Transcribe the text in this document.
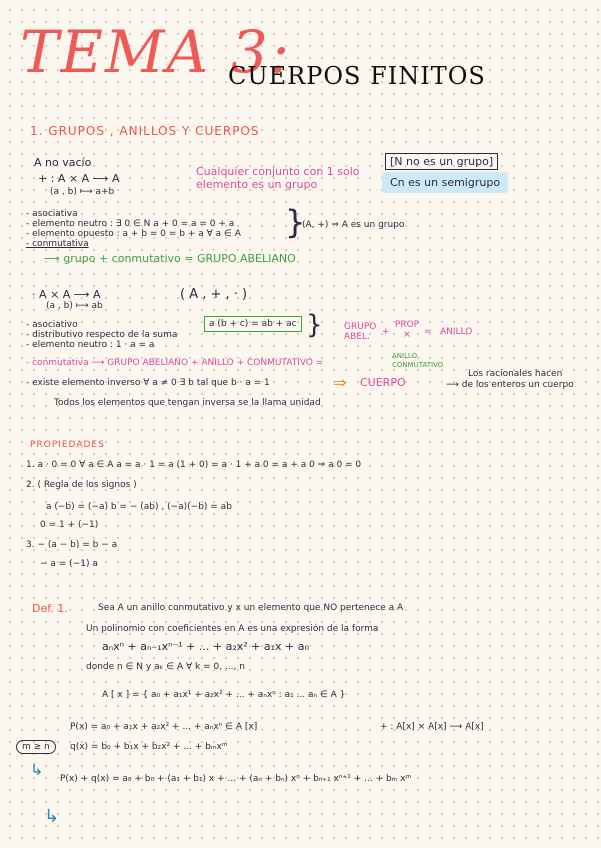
TEMA 3:
CUERPOS FINITOS
1. GRUPOS , ANILLOS Y CUERPOS
A no vacío
+ : A × A ⟶ A
(a , b) ⟼ a+b
Cualquier conjunto con 1 solo
elemento es un grupo
[N no es un grupo]
Cn es un semigrupo
- asociativa
- elemento neutro : ∃ 0 ∈ N a + 0 = a = 0 + a
- elemento opuesto : a + b = 0 = b + a ∀ a ∈ A
- conmutativa
}
(A, +) ⇒ A es un grupo
⟶ grupo + conmutativo = GRUPO ABELIANO
· A × A ⟶ A
(a , b) ⟼ ab
( A , + , · )
- asociativo
- distributivo respecto de la suma
- elemento neutro : 1 · a = a
a (b + c) = ab + ac } GRUPO ABEL.	+
PROP ×	= ANILLO
- conmutativa ⟶ GRUPO ABELIANO + ANILLO + CONMUTATIVO =
ANILLO CONMUTATIVO
- existe elemento inverso ∀ a ≠ 0 ∃ b tal que b · a = 1	⇒ CUERPO
Los racionales hacen
⟶ de los enteros un cuerpo
Todos los elementos que tengan inversa se la llama unidad
PROPIEDADES
1. a · 0 = 0 ∀ a ∈ A a = a · 1 = a (1 + 0) = a · 1 + a 0 = a + a 0 ⇒ a 0 = 0
2. ( Regla de los signos )
a (−b) = (−a) b = − (ab) , (−a)(−b) = ab
0 = 1 + (−1)
3. − (a − b) = b − a
− a = (−1) a
Def. 1.	Sea A un anillo conmutativo y x un elemento que NO pertenece a A
Un polinomio con coeficientes en A es una expresión de la forma
aₙxⁿ + aₙ₋₁xⁿ⁻¹ + ... + a₂x² + a₁x + a₀
donde n ∈ N y aₖ ∈ A ∀ k = 0, ..., n
A [ x ] = { a₀ + a₁x¹ + a₂x² + ... + aₙxⁿ : a₁ ... aₙ ∈ A }
P(x) = a₀ + a₁x + a₂x² + ... + aₙxⁿ ∈ A [x]	+ : A[x] × A[x] ⟶ A[x]
m ≥ n	q(x) = b₀ + b₁x + b₂x² + ... + bₘxᵐ
↳ P(x) + q(x) = a₀ + b₀ + (a₁ + b₁) x + ... + (aₙ + bₙ) xⁿ + bₙ₊₁ xⁿ⁺¹ + ... + bₘ xᵐ
↳
